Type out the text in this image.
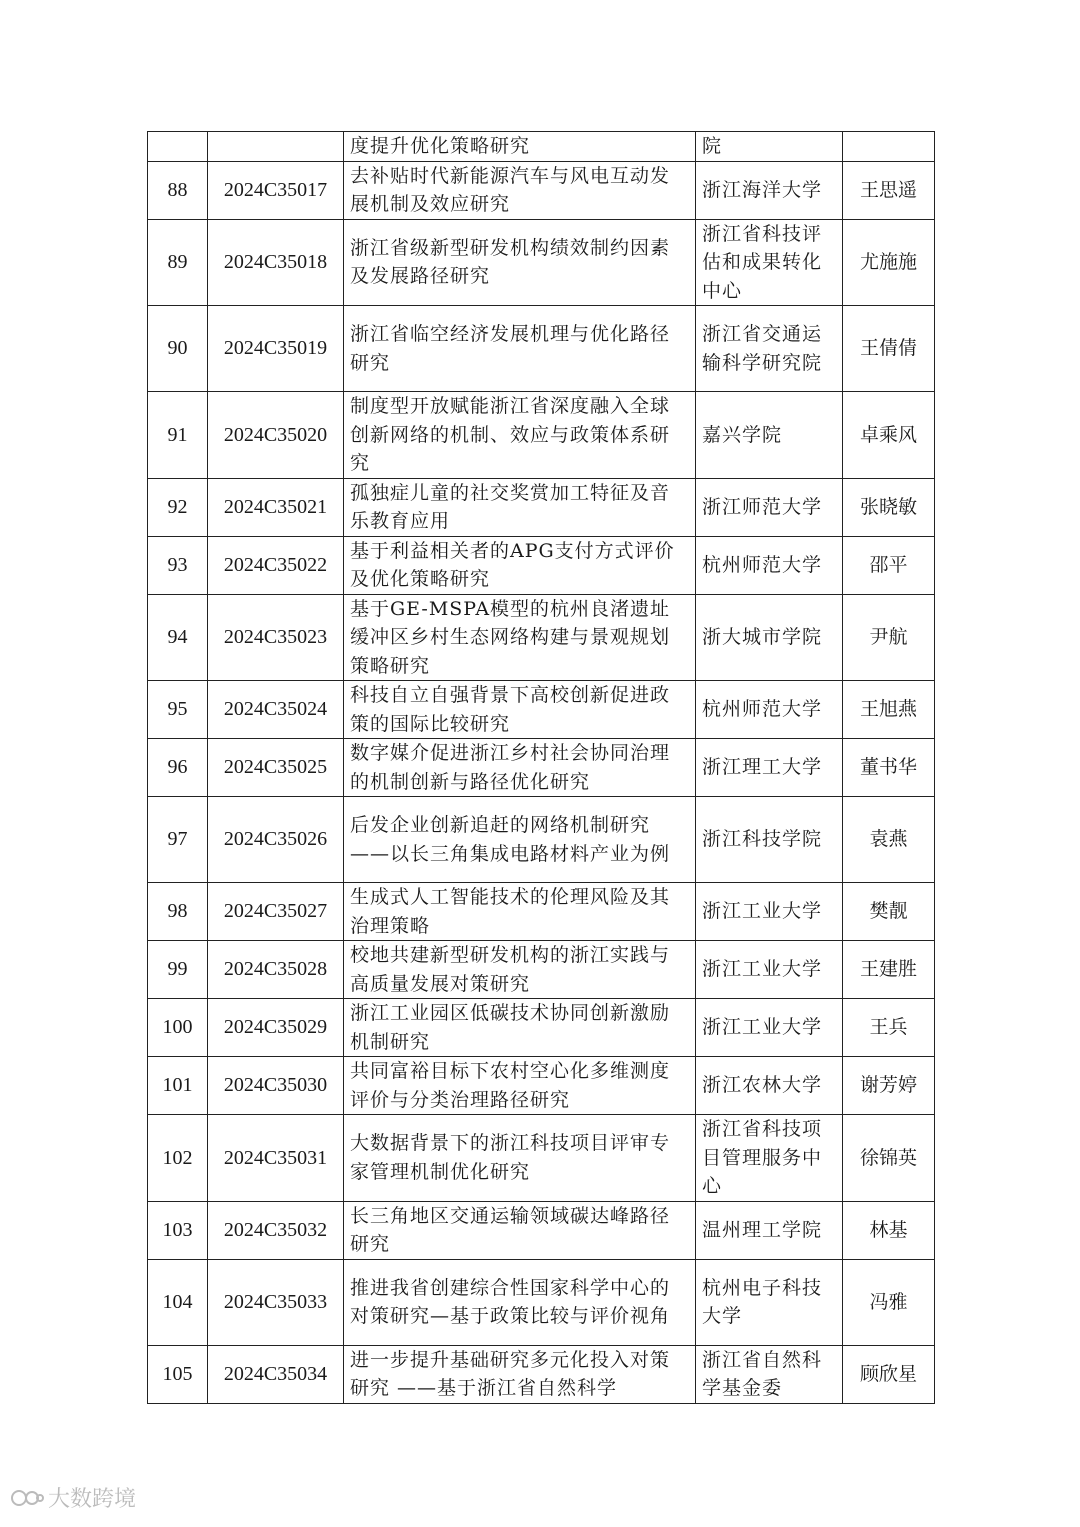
		度提升优化策略研究	院	
88	2024C35017	去补贴时代新能源汽车与风电互动发展机制及效应研究	浙江海洋大学	王思遥
89	2024C35018	浙江省级新型研发机构绩效制约因素及发展路径研究	浙江省科技评估和成果转化中心	尤施施
90	2024C35019	浙江省临空经济发展机理与优化路径研究	浙江省交通运输科学研究院	王倩倩
91	2024C35020	制度型开放赋能浙江省深度融入全球创新网络的机制、效应与政策体系研究	嘉兴学院	卓乘风
92	2024C35021	孤独症儿童的社交奖赏加工特征及音乐教育应用	浙江师范大学	张晓敏
93	2024C35022	基于利益相关者的APG支付方式评价及优化策略研究	杭州师范大学	邵平
94	2024C35023	基于GE-MSPA模型的杭州良渚遗址缓冲区乡村生态网络构建与景观规划策略研究	浙大城市学院	尹航
95	2024C35024	科技自立自强背景下高校创新促进政策的国际比较研究	杭州师范大学	王旭燕
96	2024C35025	数字媒介促进浙江乡村社会协同治理的机制创新与路径优化研究	浙江理工大学	董书华
97	2024C35026	后发企业创新追赶的网络机制研究——以长三角集成电路材料产业为例	浙江科技学院	袁燕
98	2024C35027	生成式人工智能技术的伦理风险及其治理策略	浙江工业大学	樊靓
99	2024C35028	校地共建新型研发机构的浙江实践与高质量发展对策研究	浙江工业大学	王建胜
100	2024C35029	浙江工业园区低碳技术协同创新激励机制研究	浙江工业大学	王兵
101	2024C35030	共同富裕目标下农村空心化多维测度评价与分类治理路径研究	浙江农林大学	谢芳婷
102	2024C35031	大数据背景下的浙江科技项目评审专家管理机制优化研究	浙江省科技项目管理服务中心	徐锦英
103	2024C35032	长三角地区交通运输领域碳达峰路径研究	温州理工学院	林基
104	2024C35033	推进我省创建综合性国家科学中心的对策研究—基于政策比较与评价视角	杭州电子科技大学	冯雅
105	2024C35034	进一步提升基础研究多元化投入对策研究 ——基于浙江省自然科学	浙江省自然科学基金委	顾欣星
大数跨境
